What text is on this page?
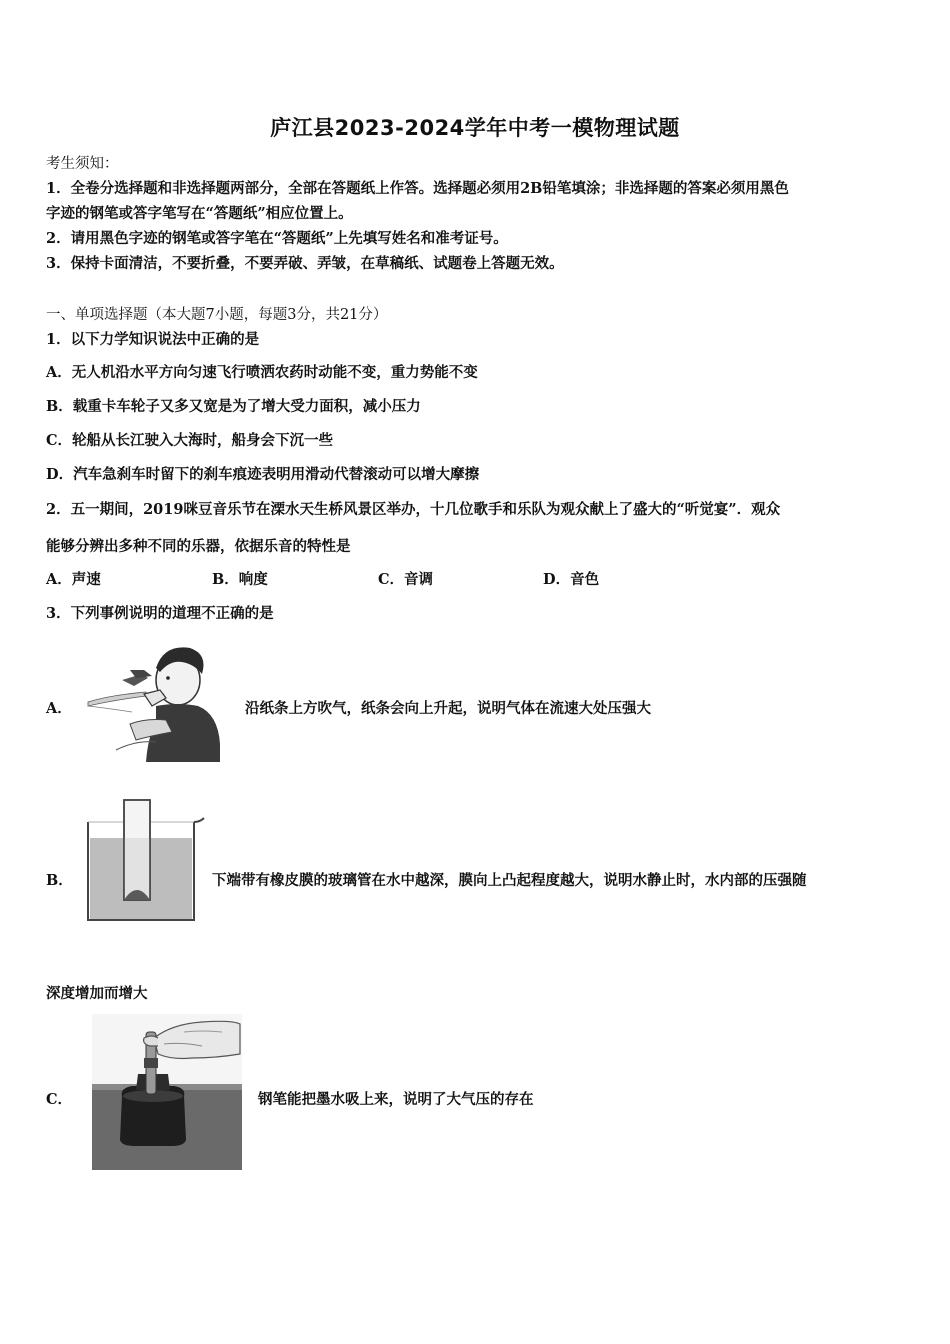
庐江县2023-2024学年中考一模物理试题
考生须知：
1．全卷分选择题和非选择题两部分，全部在答题纸上作答。选择题必须用2B铅笔填涂；非选择题的答案必须用黑色
字迹的钢笔或答字笔写在“答题纸”相应位置上。
2．请用黑色字迹的钢笔或答字笔在“答题纸”上先填写姓名和准考证号。
3．保持卡面清洁，不要折叠，不要弄破、弄皱，在草稿纸、试题卷上答题无效。
一、单项选择题（本大题7小题，每题3分，共21分）
1．以下力学知识说法中正确的是
A．无人机沿水平方向匀速飞行喷洒农药时动能不变，重力势能不变
B．载重卡车轮子又多又宽是为了增大受力面积，减小压力
C．轮船从长江驶入大海时，船身会下沉一些
D．汽车急刹车时留下的刹车痕迹表明用滑动代替滚动可以增大摩擦
2．五一期间，2019咪豆音乐节在溧水天生桥风景区举办，十几位歌手和乐队为观众献上了盛大的“听觉宴”．观众
能够分辨出多种不同的乐器，依据乐音的特性是
A．声速	B．响度	C．音调	D．音色
3．下列事例说明的道理不正确的是
A．	沿纸条上方吹气，纸条会向上升起，说明气体在流速大处压强大
B．	下端带有橡皮膜的玻璃管在水中越深，膜向上凸起程度越大，说明水静止时，水内部的压强随
深度增加而增大
C．	钢笔能把墨水吸上来，说明了大气压的存在
